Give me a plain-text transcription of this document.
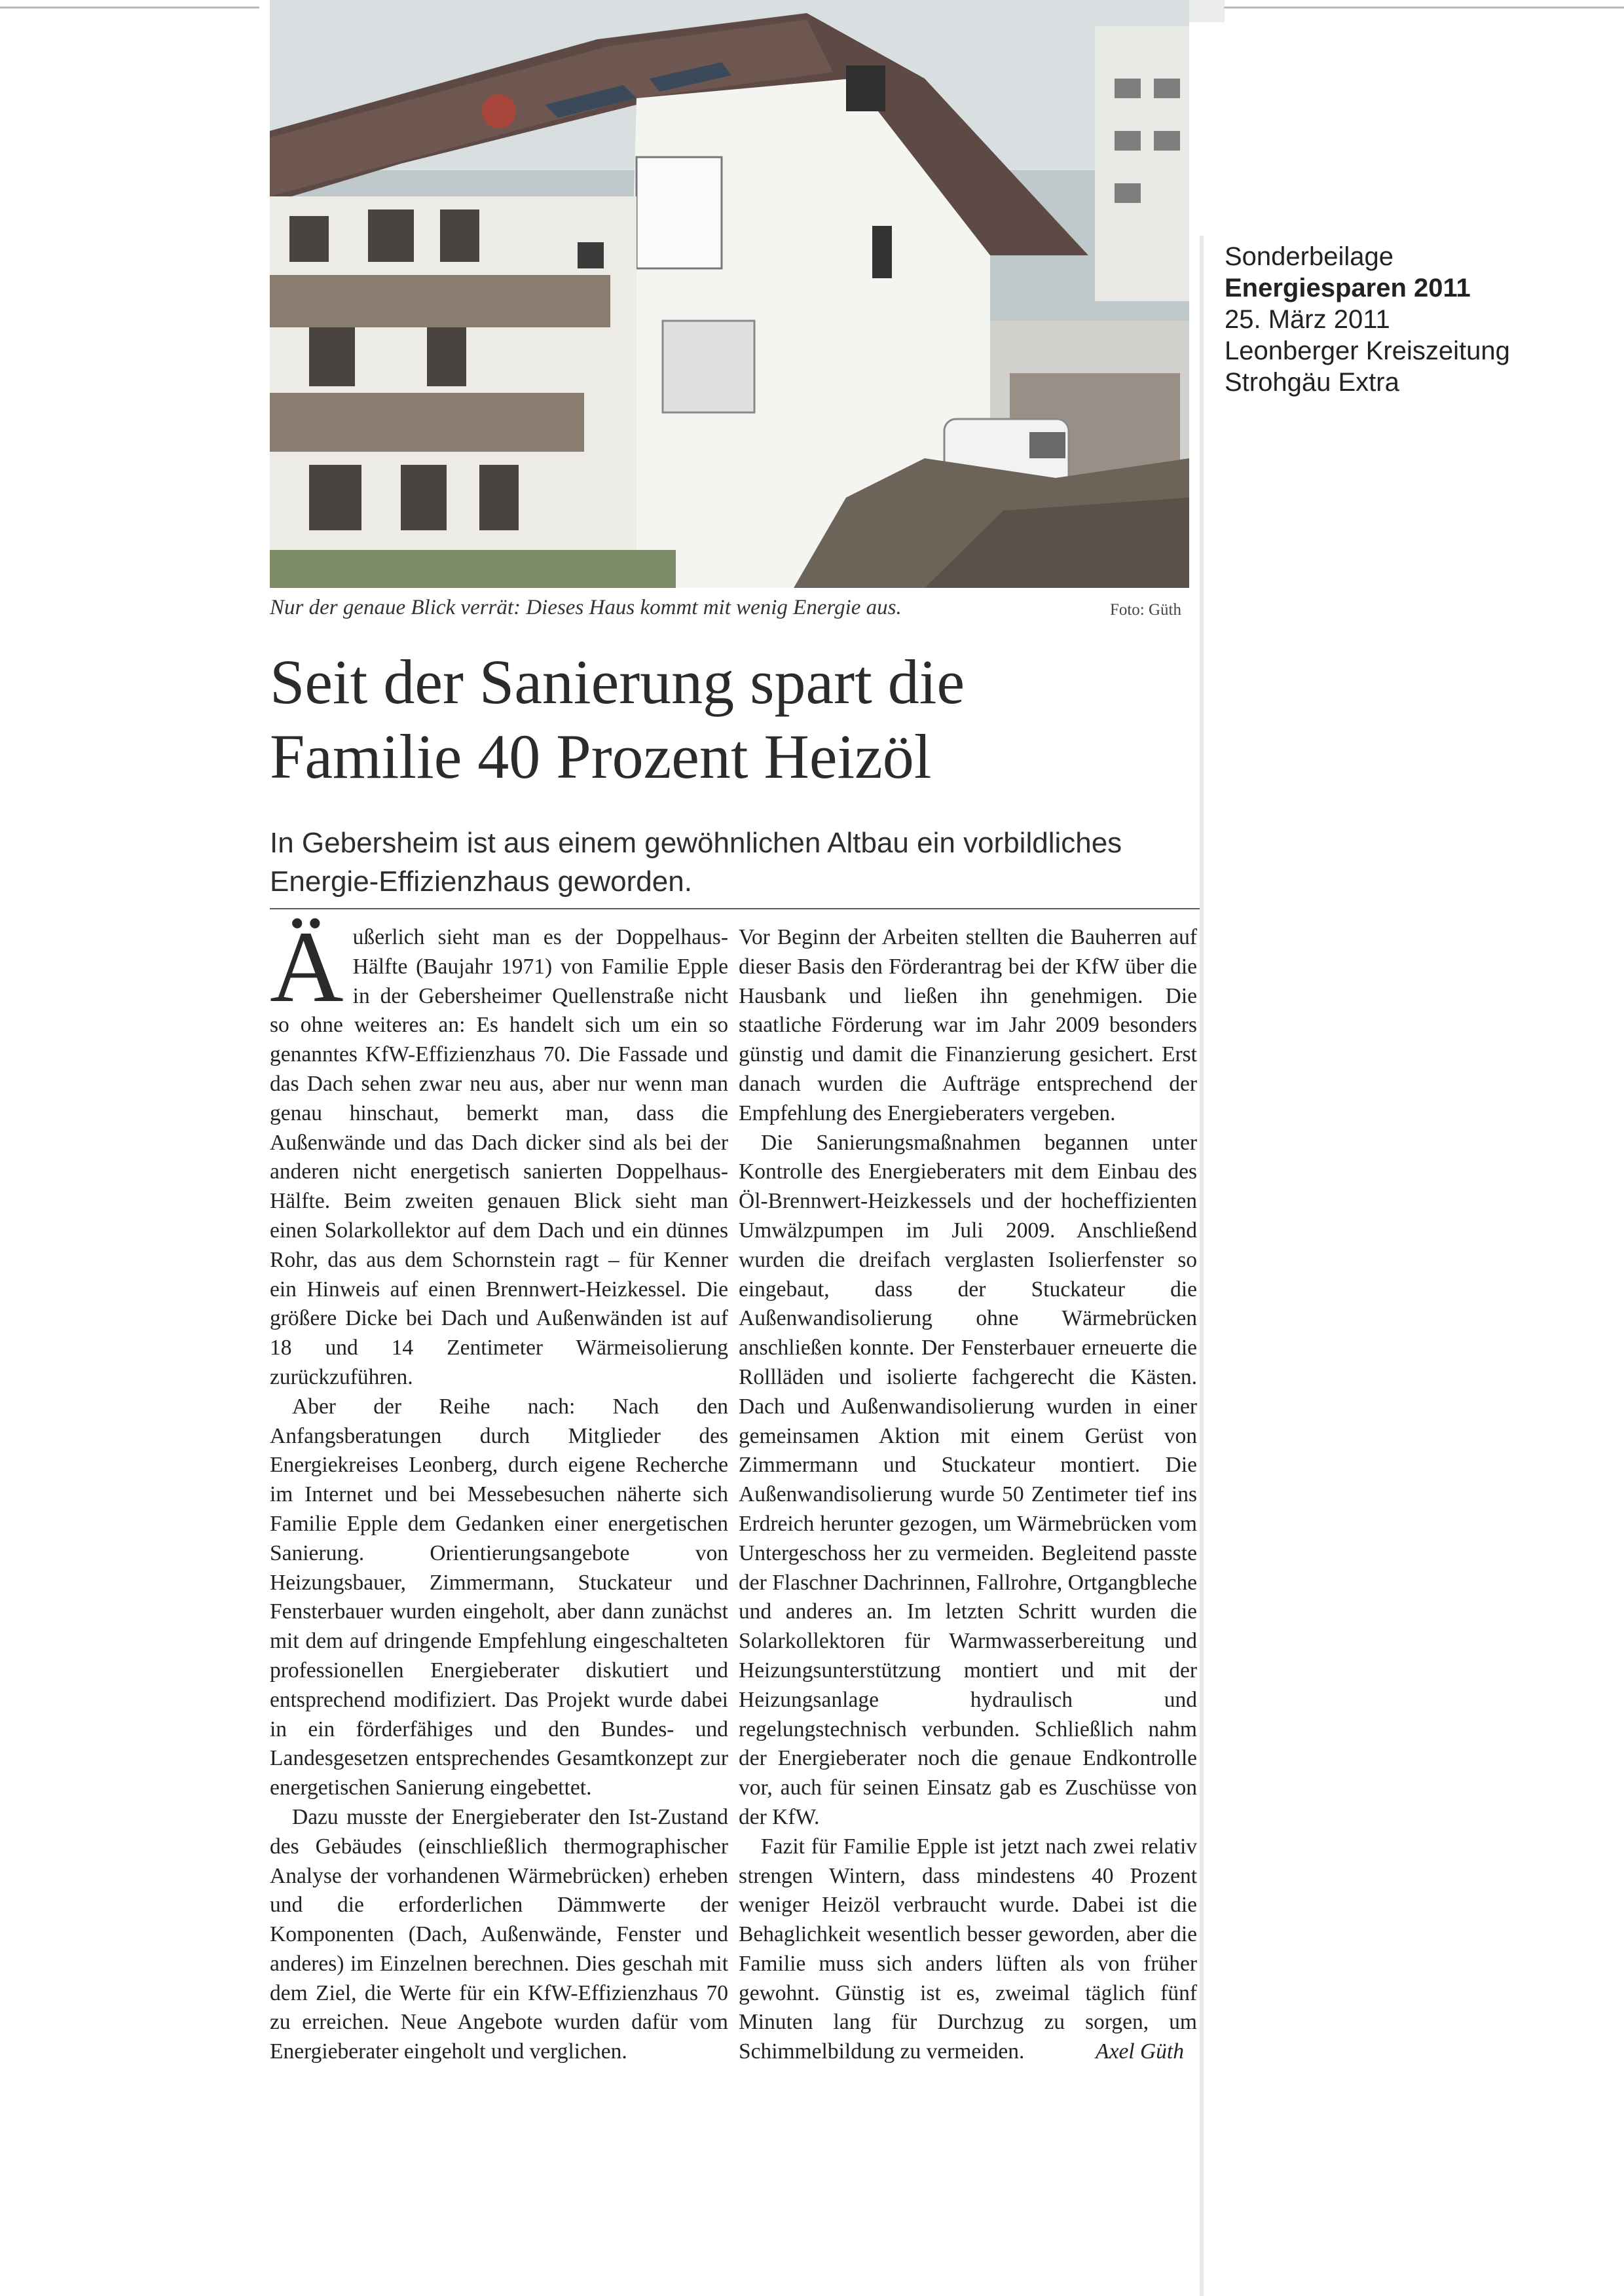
Nur der genaue Blick verrät: Dieses Haus kommt mit wenig Energie aus.	Foto: Güth
Seit der Sanierung spart die Familie 40 Prozent Heizöl
In Gebersheim ist aus einem gewöhnlichen Altbau ein vorbildliches Energie-Effizienzhaus geworden.

Äußerlich sieht man es der Doppelhaus-Hälfte (Baujahr 1971) von Familie Epple in der Gebersheimer Quellenstraße nicht so ohne weiteres an: Es handelt sich um ein so genanntes KfW-Effizienzhaus 70. Die Fassade und das Dach sehen zwar neu aus, aber nur wenn man genau hinschaut, bemerkt man, dass die Außenwände und das Dach dicker sind als bei der anderen nicht energetisch sanierten Doppelhaus-Hälfte. Beim zweiten genauen Blick sieht man einen Solarkollektor auf dem Dach und ein dünnes Rohr, das aus dem Schornstein ragt – für Kenner ein Hinweis auf einen Brennwert-Heizkessel. Die größere Dicke bei Dach und Außenwänden ist auf 18 und 14 Zentimeter Wärmeisolierung zurückzuführen.

Aber der Reihe nach: Nach den Anfangsberatungen durch Mitglieder des Energiekreises Leonberg, durch eigene Recherche im Internet und bei Messebesuchen näherte sich Familie Epple dem Gedanken einer energetischen Sanierung. Orientierungsangebote von Heizungsbauer, Zimmermann, Stuckateur und Fensterbauer wurden eingeholt, aber dann zunächst mit dem auf dringende Empfehlung eingeschalteten professionellen Energieberater diskutiert und entsprechend modifiziert. Das Projekt wurde dabei in ein förderfähiges und den Bundes- und Landesgesetzen entsprechendes Gesamtkonzept zur energetischen Sanierung eingebettet.

Dazu musste der Energieberater den Ist-Zustand des Gebäudes (einschließlich thermographischer Analyse der vorhandenen Wärmebrücken) erheben und die erforderlichen Dämmwerte der Komponenten (Dach, Außenwände, Fenster und anderes) im Einzelnen berechnen. Dies geschah mit dem Ziel, die Werte für ein KfW-Effizienzhaus 70 zu erreichen. Neue Angebote wurden dafür vom Energieberater eingeholt und verglichen.

Vor Beginn der Arbeiten stellten die Bauherren auf dieser Basis den Förderantrag bei der KfW über die Hausbank und ließen ihn genehmigen. Die staatliche Förderung war im Jahr 2009 besonders günstig und damit die Finanzierung gesichert. Erst danach wurden die Aufträge entsprechend der Empfehlung des Energieberaters vergeben.

Die Sanierungsmaßnahmen begannen unter Kontrolle des Energieberaters mit dem Einbau des Öl-Brennwert-Heizkessels und der hocheffizienten Umwälzpumpen im Juli 2009. Anschließend wurden die dreifach verglasten Isolierfenster so eingebaut, dass der Stuckateur die Außenwandisolierung ohne Wärmebrücken anschließen konnte. Der Fensterbauer erneuerte die Rollläden und isolierte fachgerecht die Kästen. Dach und Außenwandisolierung wurden in einer gemeinsamen Aktion mit einem Gerüst von Zimmermann und Stuckateur montiert. Die Außenwandisolierung wurde 50 Zentimeter tief ins Erdreich herunter gezogen, um Wärmebrücken vom Untergeschoss her zu vermeiden. Begleitend passte der Flaschner Dachrinnen, Fallrohre, Ortgangbleche und anderes an. Im letzten Schritt wurden die Solarkollektoren für Warmwasserbereitung und Heizungsunterstützung montiert und mit der Heizungsanlage hydraulisch und regelungstechnisch verbunden. Schließlich nahm der Energieberater noch die genaue Endkontrolle vor, auch für seinen Einsatz gab es Zuschüsse von der KfW.

Fazit für Familie Epple ist jetzt nach zwei relativ strengen Wintern, dass mindestens 40 Prozent weniger Heizöl verbraucht wurde. Dabei ist die Behaglichkeit wesentlich besser geworden, aber die Familie muss sich anders lüften als von früher gewohnt. Günstig ist es, zweimal täglich fünf Minuten lang für Durchzug zu sorgen, um Schimmelbildung zu vermeiden.	Axel Güth
Sonderbeilage
Energiesparen 2011
25. März 2011
Leonberger Kreiszeitung
Strohgäu Extra
